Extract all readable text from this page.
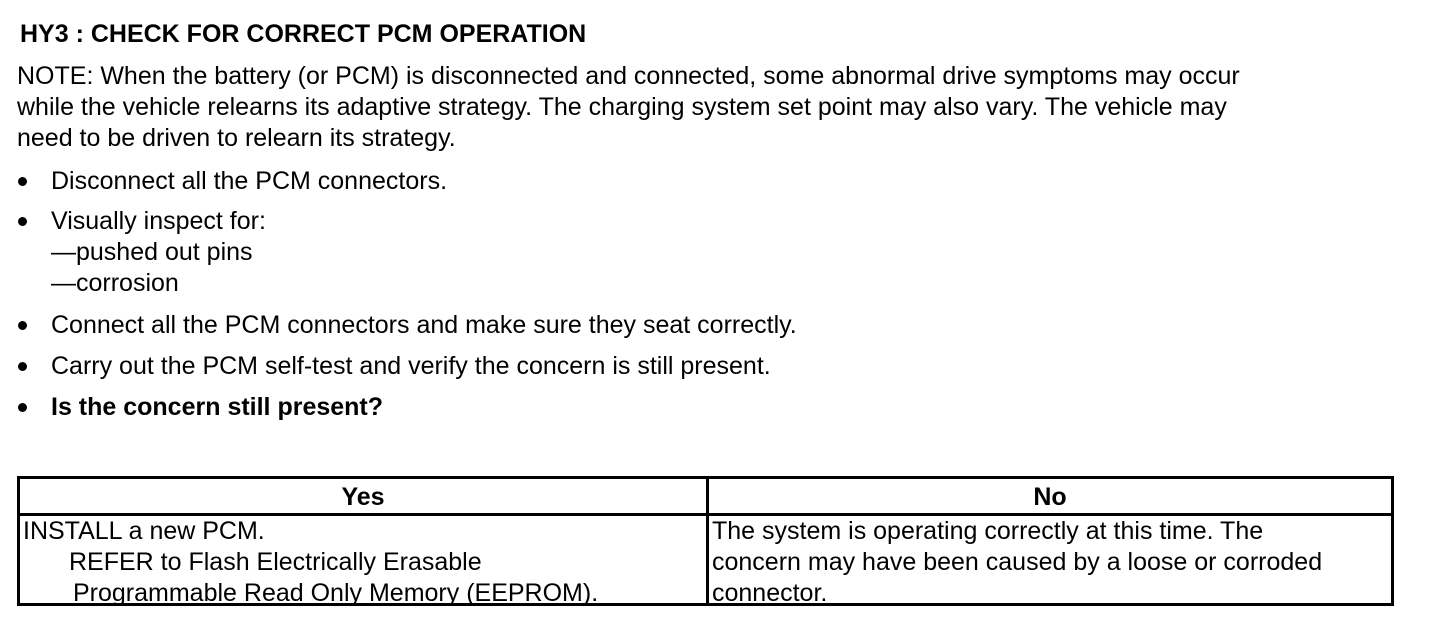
HY3 : CHECK FOR CORRECT PCM OPERATION

NOTE: When the battery (or PCM) is disconnected and connected, some abnormal drive symptoms may occur
while the vehicle relearns its adaptive strategy. The charging system set point may also vary. The vehicle may
need to be driven to relearn its strategy.

Disconnect all the PCM connectors.
Visually inspect for:
—pushed out pins
—corrosion
Connect all the PCM connectors and make sure they seat correctly.
Carry out the PCM self-test and verify the concern is still present.
Is the concern still present?
Yes	No
INSTALL a new PCM.
REFER to Flash Electrically Erasable
Programmable Read Only Memory (EEPROM).
The system is operating correctly at this time. The
concern may have been caused by a loose or corroded
connector.
